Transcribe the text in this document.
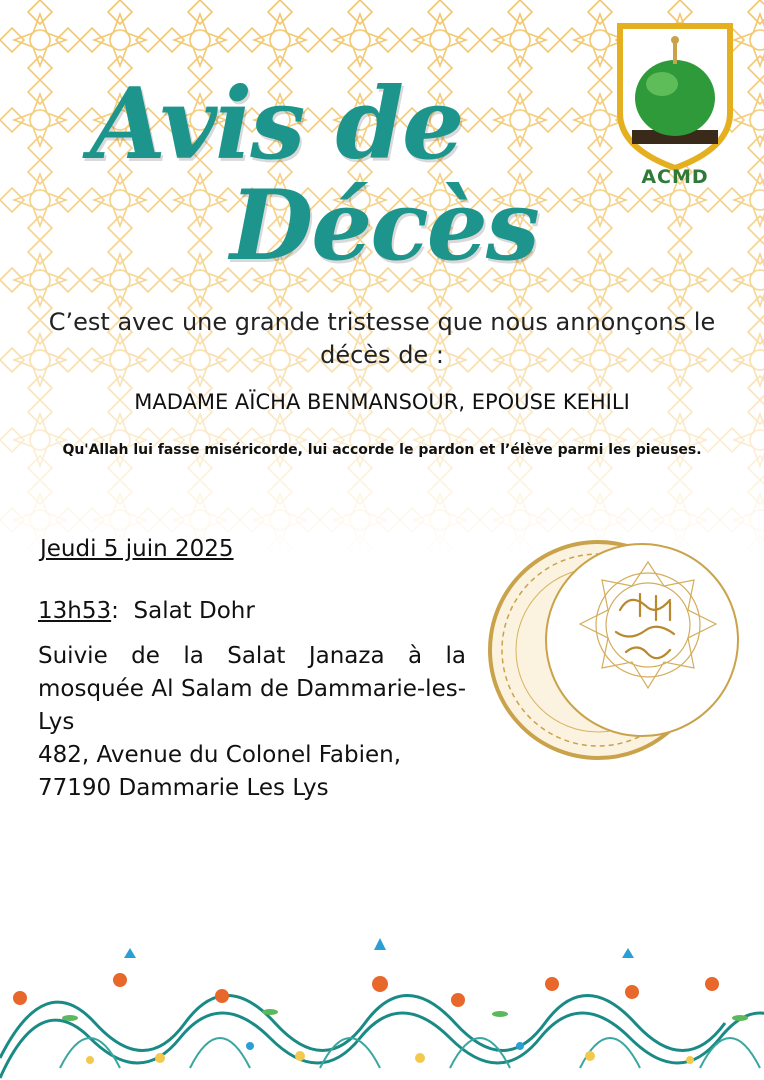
ACMD
Avis de
Décès

C’est avec une grande tristesse que nous annonçons le décès de :

MADAME AÏCHA BENMANSOUR, EPOUSE KEHILI

Qu'Allah lui fasse miséricorde, lui accorde le pardon et l’élève parmi les pieuses.

Jeudi 5 juin 2025

13h53: Salat Dohr

Suivie de la Salat Janaza à la mosquée Al Salam de Dammarie-les-Lys

482, Avenue du Colonel Fabien,

77190 Dammarie Les Lys
